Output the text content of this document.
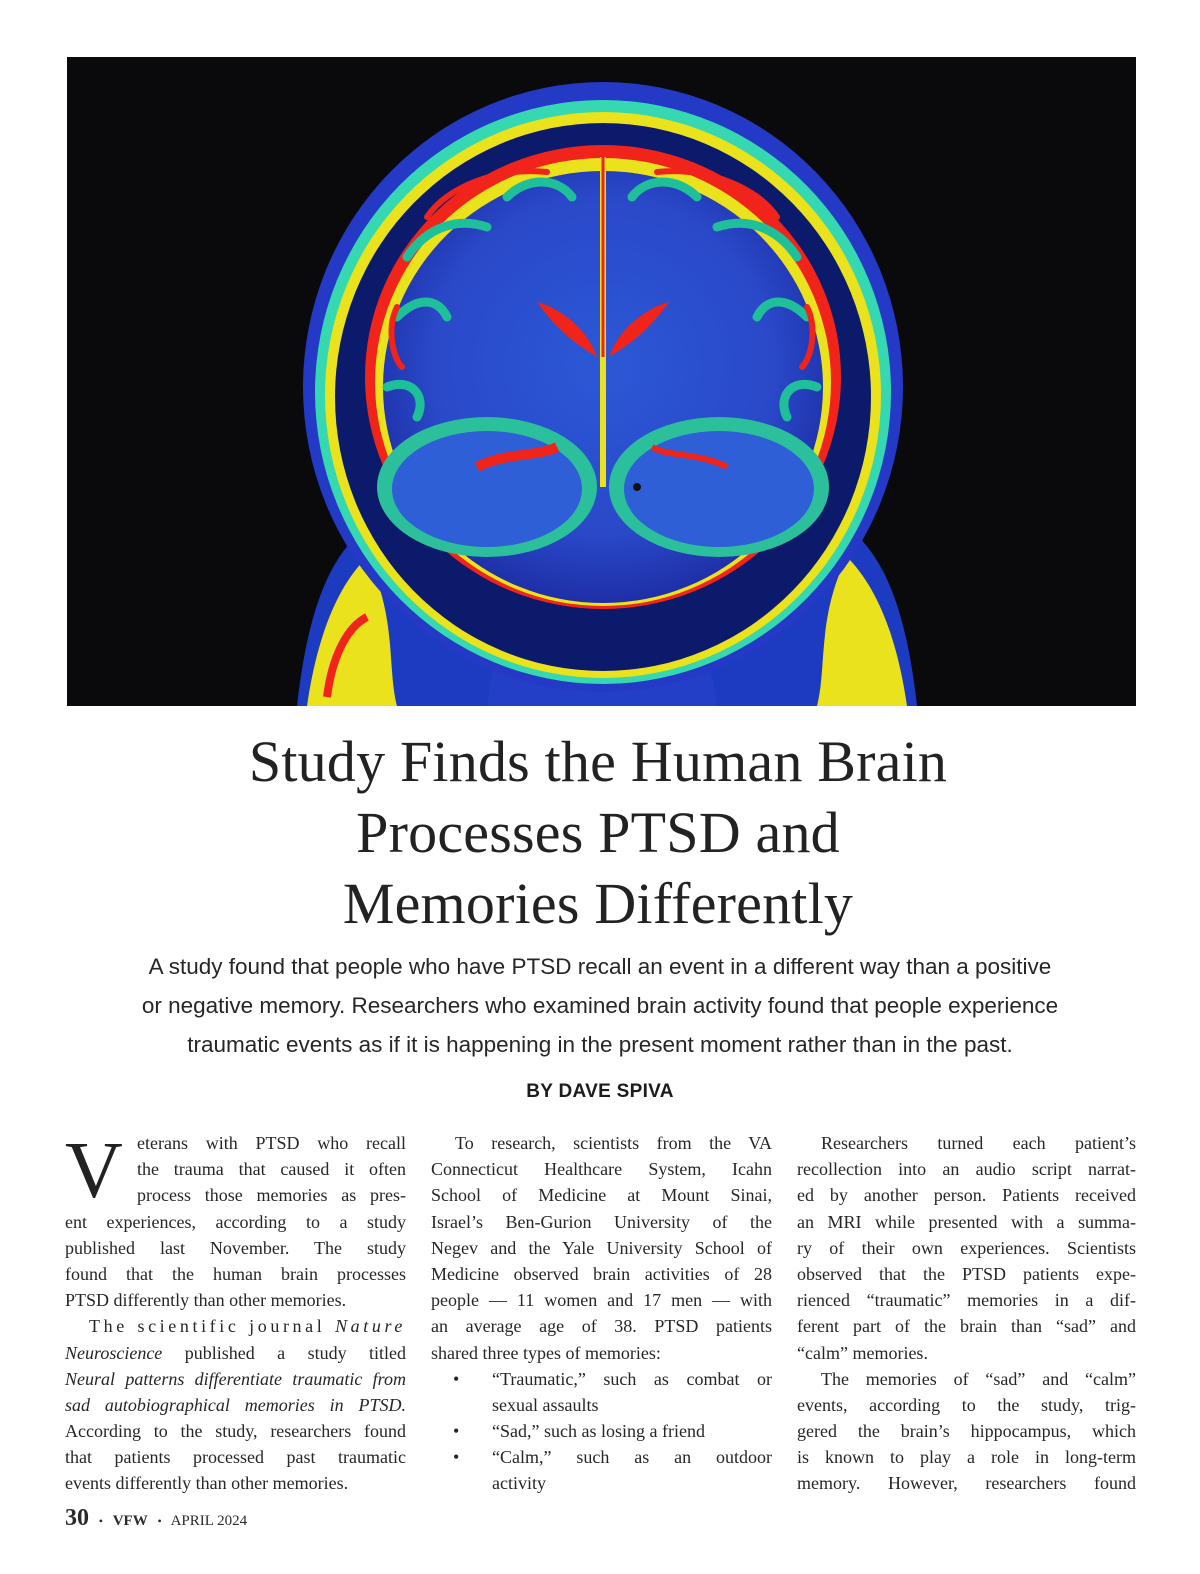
Study Finds the Human Brain
Processes PTSD and
Memories Differently

A study found that people who have PTSD recall an event in a different way than a positive
or negative memory. Researchers who examined brain activity found that people experience
traumatic events as if it is happening in the present moment rather than in the past.

BY DAVE SPIVA
V eterans with PTSD who recall
the trauma that caused it often
process those memories as pres-
ent experiences, according to a study
published last November. The study
found that the human brain processes
PTSD differently than other memories.

The scientific journal Nature
Neuroscience published a study titled
Neural patterns differentiate traumatic from
sad autobiographical memories in PTSD.
According to the study, researchers found
that patients processed past traumatic
events differently than other memories.

To research, scientists from the VA
Connecticut Healthcare System, Icahn
School of Medicine at Mount Sinai,
Israel’s Ben-Gurion University of the
Negev and the Yale University School of
Medicine observed brain activities of 28
people — 11 women and 17 men — with
an average age of 38. PTSD patients
shared three types of memories:

• “Traumatic,” such as combat or
sexual assaults
• “Sad,” such as losing a friend
• “Calm,” such as an outdoor
activity

Researchers turned each patient’s
recollection into an audio script narrat-
ed by another person. Patients received
an MRI while presented with a summa-
ry of their own experiences. Scientists
observed that the PTSD patients expe-
rienced “traumatic” memories in a dif-
ferent part of the brain than “sad” and
“calm” memories.

The memories of “sad” and “calm”
events, according to the study, trig-
gered the brain’s hippocampus, which
is known to play a role in long-term
memory. However, researchers found

30 • VFW • APRIL 2024
